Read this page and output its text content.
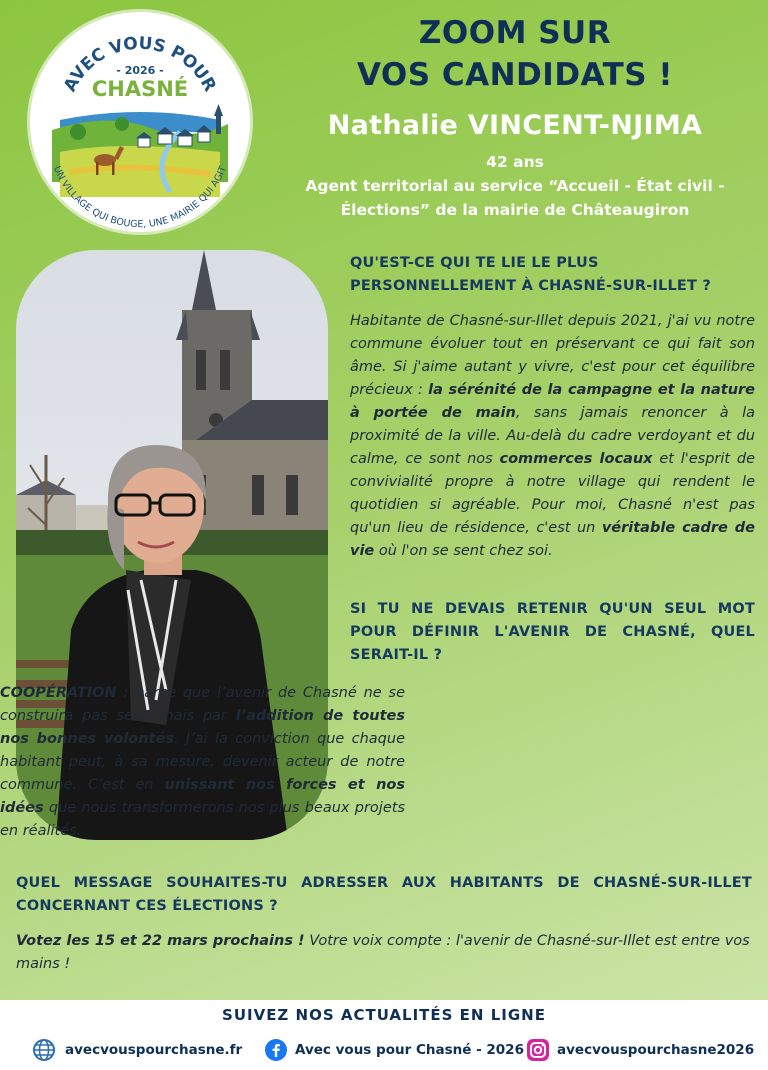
AVEC VOUS POUR
- 2026 -
CHASNÉ
UN VILLAGE QUI BOUGE, UNE MAIRIE QUI AGIT
ZOOM SUR
VOS CANDIDATS !
Nathalie VINCENT-NJIMA
42 ans
Agent territorial au service “Accueil - État civil -
Élections” de la mairie de Châteaugiron
QU'EST-CE QUI TE LIE LE PLUS PERSONNELLEMENT À CHASNÉ-SUR-ILLET ?
Habitante de Chasné-sur-Illet depuis 2021, j'ai vu notre commune évoluer tout en préservant ce qui fait son âme. Si j'aime autant y vivre, c'est pour cet équilibre précieux : la sérénité de la campagne et la nature à portée de main, sans jamais renoncer à la proximité de la ville. Au-delà du cadre verdoyant et du calme, ce sont nos commerces locaux et l'esprit de convivialité propre à notre village qui rendent le quotidien si agréable. Pour moi, Chasné n'est pas qu'un lieu de résidence, c'est un véritable cadre de vie où l'on se sent chez soi.
SI TU NE DEVAIS RETENIR QU'UN SEUL MOT POUR DÉFINIR L'AVENIR DE CHASNÉ, QUEL SERAIT-IL ?
COOPÉRATION : parce que l’avenir de Chasné ne se construira pas seul, mais par l’addition de toutes nos bonnes volontés. J’ai la conviction que chaque habitant peut, à sa mesure, devenir acteur de notre commune. C’est en unissant nos forces et nos idées que nous transformerons nos plus beaux projets en réalités.
QUEL MESSAGE SOUHAITES-TU ADRESSER AUX HABITANTS DE CHASNÉ-SUR-ILLET CONCERNANT CES ÉLECTIONS ?
Votez les 15 et 22 mars prochains ! Votre voix compte : l'avenir de Chasné-sur-Illet est entre vos mains !
SUIVEZ NOS ACTUALITÉS EN LIGNE
avecvouspourchasne.fr	Avec vous pour Chasné - 2026 avecvouspourchasne2026
